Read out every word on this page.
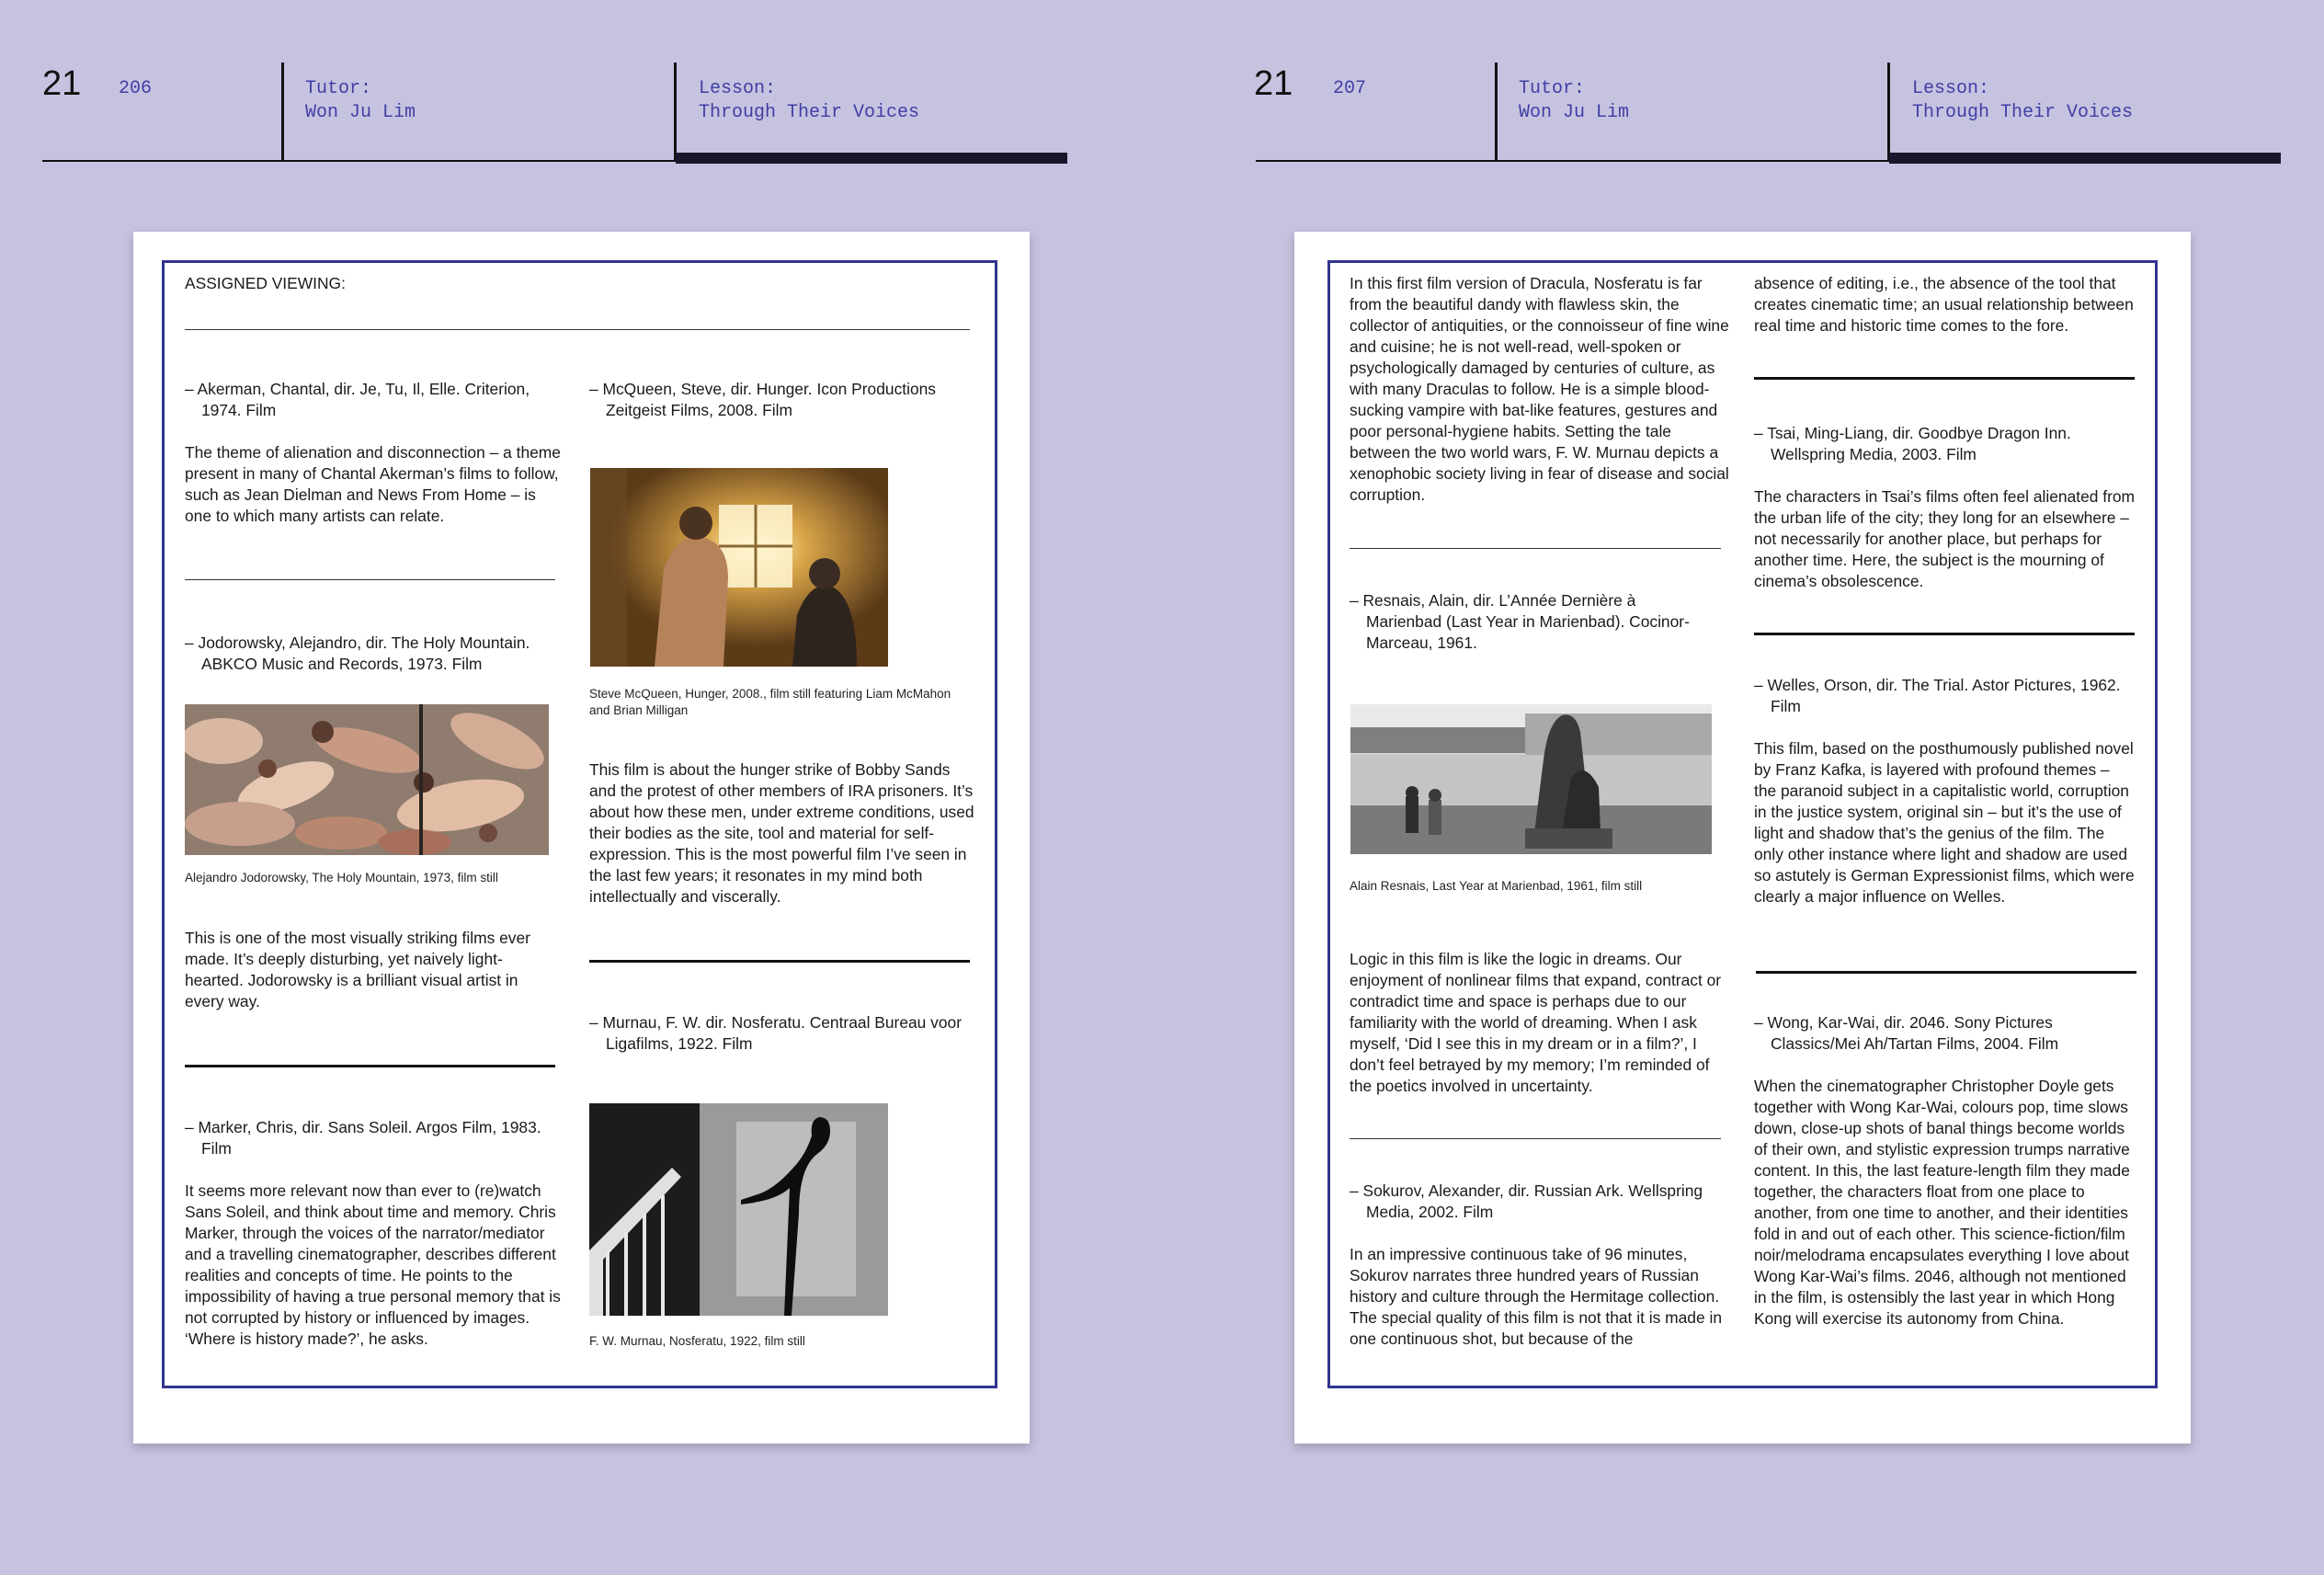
21 206	Tutor:
Won Ju Lim
Lesson:
Through Their Voices
21 207	Tutor:
Won Ju Lim
Lesson:
Through Their Voices
ASSIGNED VIEWING:

– Akerman, Chantal, dir. Je, Tu, Il, Elle. Criterion, 1974. Film

The theme of alienation and disconnection – a theme present in many of Chantal Akerman’s films to follow, such as Jean Dielman and News From Home – is one to which many artists can relate.

– Jodorowsky, Alejandro, dir. The Holy Mountain. ABKCO Music and Records, 1973. Film

Alejandro Jodorowsky, The Holy Mountain, 1973, film still
This is one of the most visually striking films ever made. It’s deeply disturbing, yet naively light-hearted. Jodorowsky is a brilliant visual artist in every way.

– Marker, Chris, dir. Sans Soleil. Argos Film, 1983. Film

It seems more relevant now than ever to (re)watch Sans Soleil, and think about time and memory. Chris Marker, through the voices of the narrator/mediator and a travelling cinematographer, describes different realities and concepts of time. He points to the impossibility of having a true personal memory that is not corrupted by history or influenced by images. ‘Where is history made?’, he asks.

– McQueen, Steve, dir. Hunger. Icon Productions Zeitgeist Films, 2008. Film

Steve McQueen, Hunger, 2008., film still featuring Liam McMahon and Brian Milligan
This film is about the hunger strike of Bobby Sands and the protest of other members of IRA prisoners. It’s about how these men, under extreme conditions, used their bodies as the site, tool and material for self-expression. This is the most powerful film I’ve seen in the last few years; it resonates in my mind both intellectually and viscerally.

– Murnau, F. W. dir. Nosferatu. Centraal Bureau voor Ligafilms, 1922. Film

F. W. Murnau, Nosferatu, 1922, film still
In this first film version of Dracula, Nosferatu is far from the beautiful dandy with flawless skin, the collector of antiquities, or the connoisseur of fine wine and cuisine; he is not well-read, well-spoken or psychologically damaged by centuries of culture, as with many Draculas to follow. He is a simple blood-sucking vampire with bat-like features, gestures and poor personal-hygiene habits. Setting the tale between the two world wars, F. W. Murnau depicts a xenophobic society living in fear of disease and social corruption.

– Resnais, Alain, dir. L’Année Dernière à Marienbad (Last Year in Marienbad). Cocinor-Marceau, 1961.

Alain Resnais, Last Year at Marienbad, 1961, film still
Logic in this film is like the logic in dreams. Our enjoyment of nonlinear films that expand, contract or contradict time and space is perhaps due to our familiarity with the world of dreaming. When I ask myself, ‘Did I see this in my dream or in a film?’, I don’t feel betrayed by my memory; I’m reminded of the poetics involved in uncertainty.

– Sokurov, Alexander, dir. Russian Ark. Wellspring Media, 2002. Film

In an impressive continuous take of 96 minutes, Sokurov narrates three hundred years of Russian history and culture through the Hermitage collection. The special quality of this film is not that it is made in one continuous shot, but because of the

absence of editing, i.e., the absence of the tool that creates cinematic time; an usual relationship between real time and historic time comes to the fore.

– Tsai, Ming-Liang, dir. Goodbye Dragon Inn. Wellspring Media, 2003. Film

The characters in Tsai’s films often feel alienated from the urban life of the city; they long for an elsewhere – not necessarily for another place, but perhaps for another time. Here, the subject is the mourning of cinema’s obsolescence.

– Welles, Orson, dir. The Trial. Astor Pictures, 1962. Film

This film, based on the posthumously published novel by Franz Kafka, is layered with profound themes – the paranoid subject in a capitalistic world, corruption in the justice system, original sin – but it’s the use of light and shadow that’s the genius of the film. The only other instance where light and shadow are used so astutely is German Expressionist films, which were clearly a major influence on Welles.

– Wong, Kar-Wai, dir. 2046. Sony Pictures Classics/Mei Ah/Tartan Films, 2004. Film

When the cinematographer Christopher Doyle gets together with Wong Kar-Wai, colours pop, time slows down, close-up shots of banal things become worlds of their own, and stylistic expression trumps narrative content. In this, the last feature-length film they made together, the characters float from one place to another, from one time to another, and their identities fold in and out of each other. This science-fiction/film noir/melodrama encapsulates everything I love about Wong Kar-Wai’s films. 2046, although not mentioned in the film, is ostensibly the last year in which Hong Kong will exercise its autonomy from China.
